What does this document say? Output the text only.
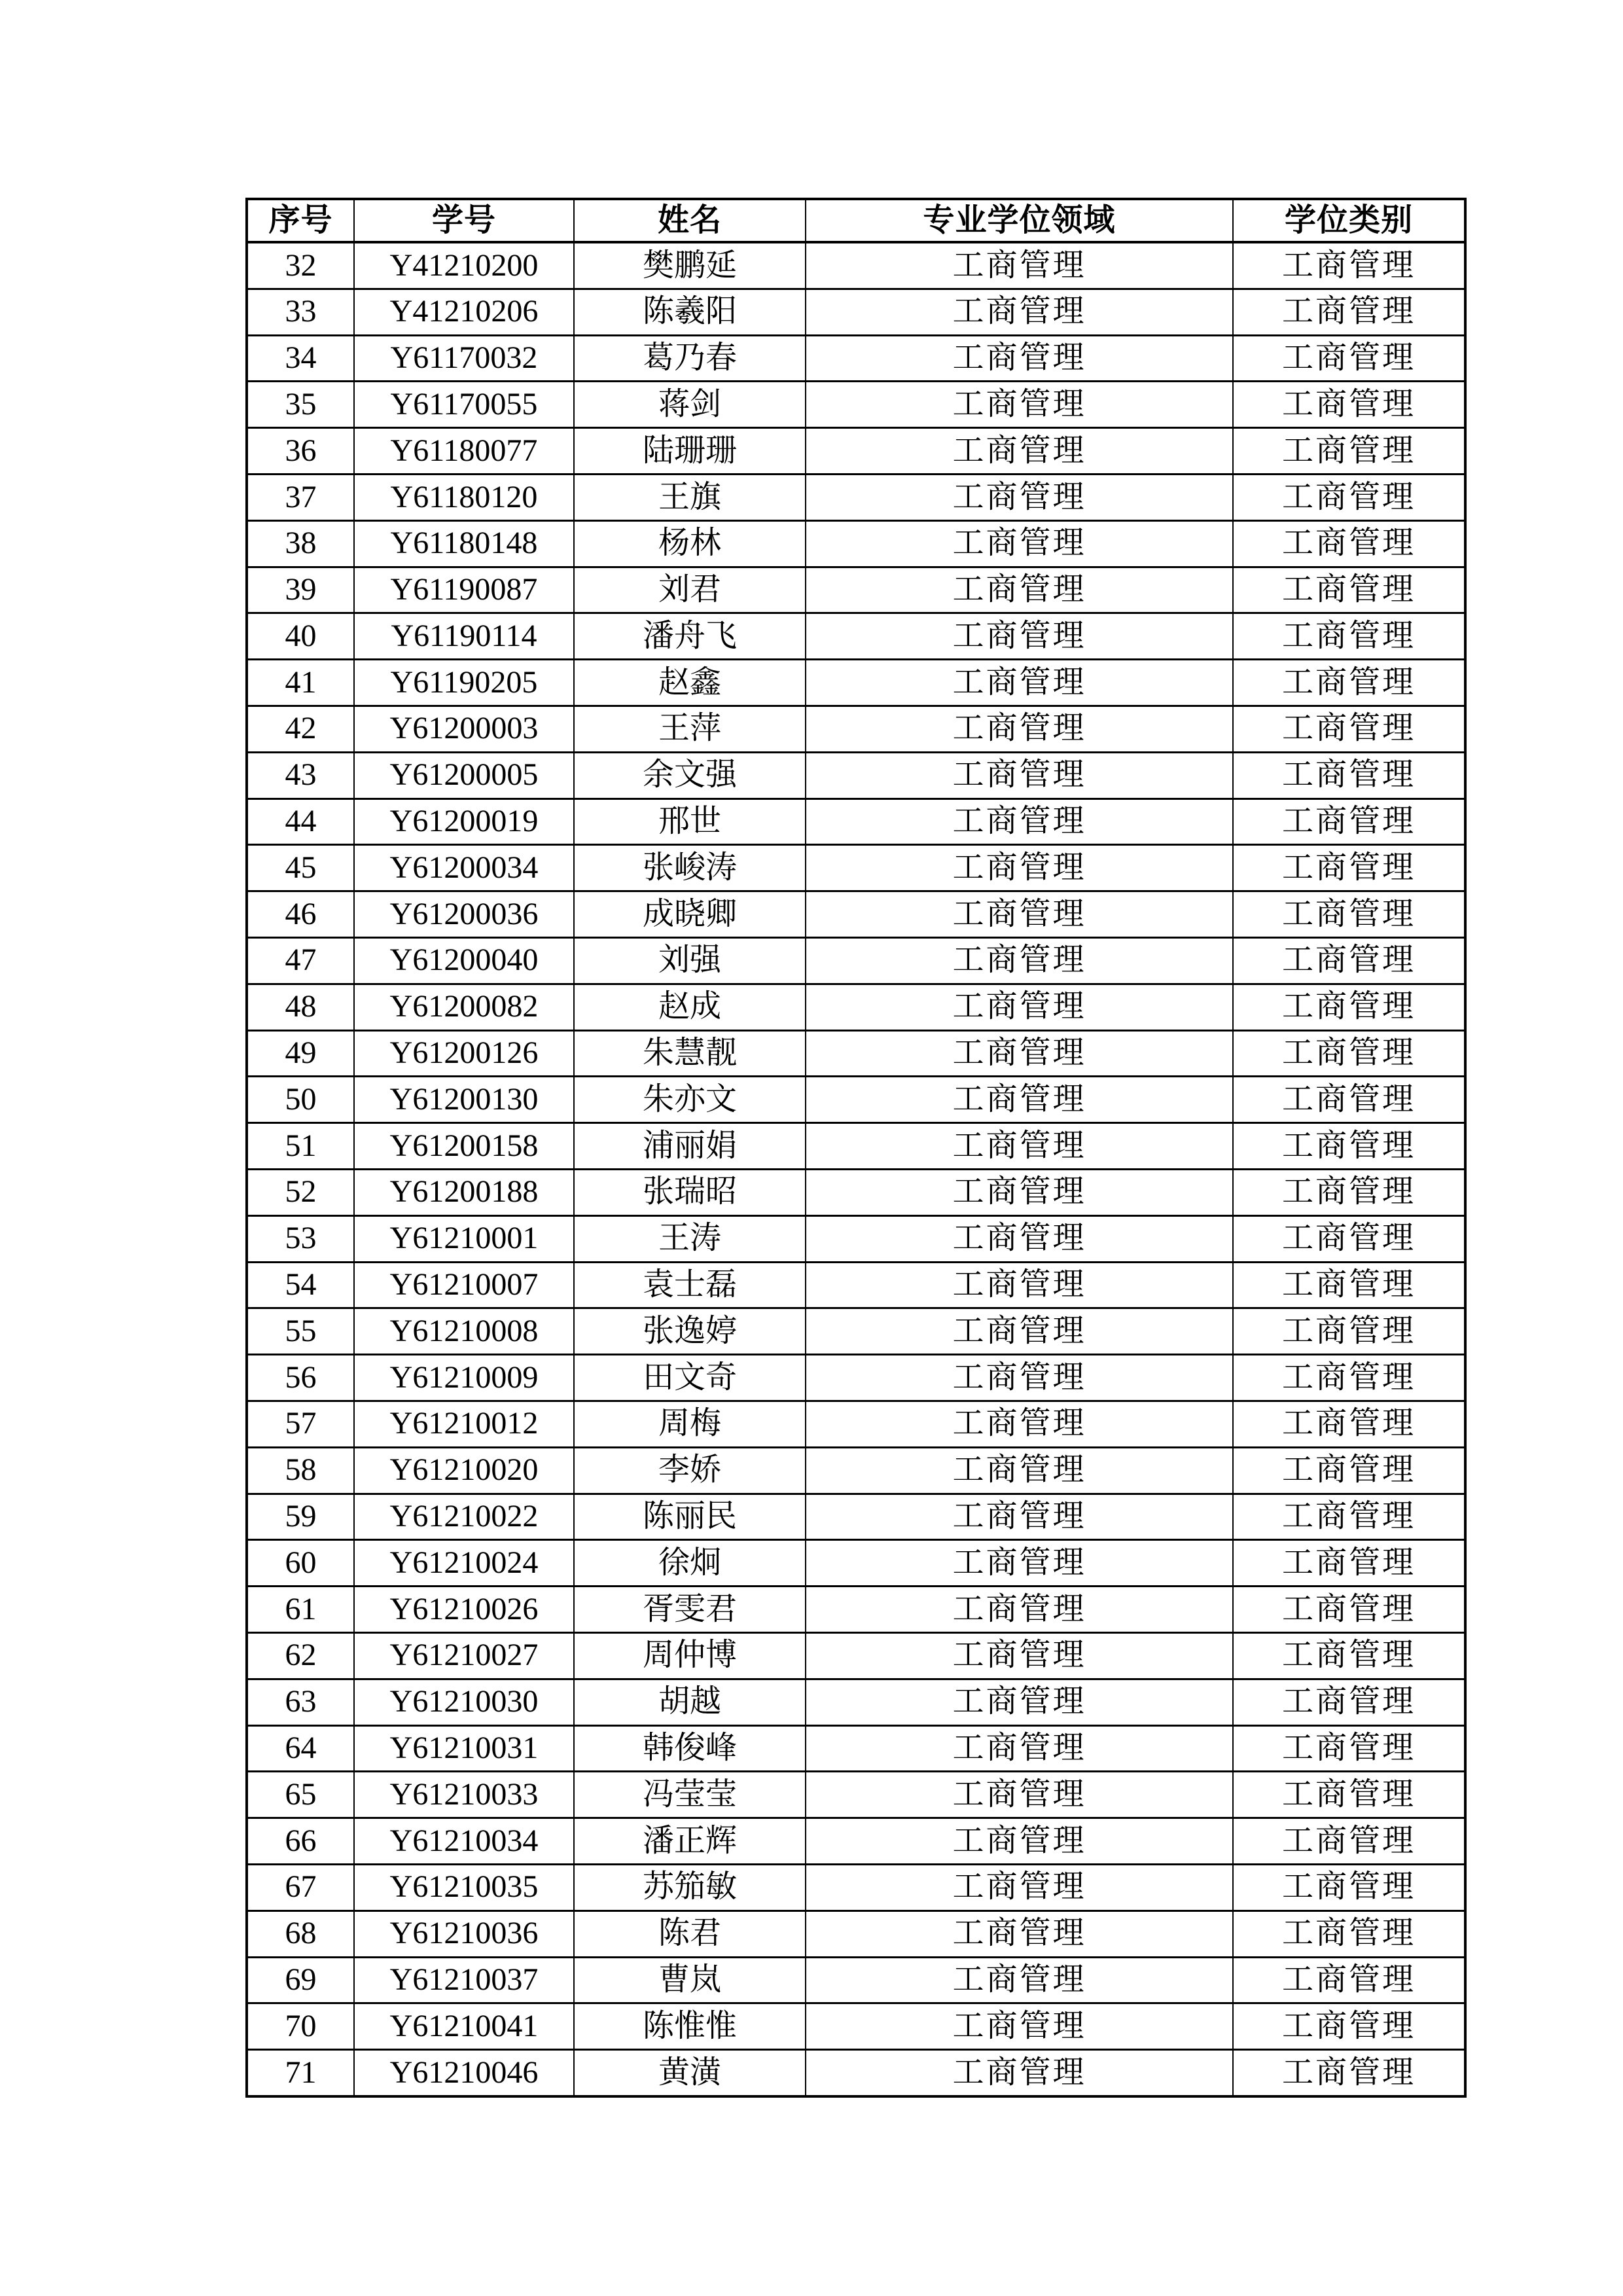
序号	学号	姓名	专业学位领域	学位类别
32	Y41210200	樊鹏延	工商管理	工商管理
33	Y41210206	陈羲阳	工商管理	工商管理
34	Y61170032	葛乃春	工商管理	工商管理
35	Y61170055	蒋剑	工商管理	工商管理
36	Y61180077	陆珊珊	工商管理	工商管理
37	Y61180120	王旗	工商管理	工商管理
38	Y61180148	杨林	工商管理	工商管理
39	Y61190087	刘君	工商管理	工商管理
40	Y61190114	潘舟飞	工商管理	工商管理
41	Y61190205	赵鑫	工商管理	工商管理
42	Y61200003	王萍	工商管理	工商管理
43	Y61200005	余文强	工商管理	工商管理
44	Y61200019	邢世	工商管理	工商管理
45	Y61200034	张峻涛	工商管理	工商管理
46	Y61200036	成晓卿	工商管理	工商管理
47	Y61200040	刘强	工商管理	工商管理
48	Y61200082	赵成	工商管理	工商管理
49	Y61200126	朱慧靓	工商管理	工商管理
50	Y61200130	朱亦文	工商管理	工商管理
51	Y61200158	浦丽娟	工商管理	工商管理
52	Y61200188	张瑞昭	工商管理	工商管理
53	Y61210001	王涛	工商管理	工商管理
54	Y61210007	袁士磊	工商管理	工商管理
55	Y61210008	张逸婷	工商管理	工商管理
56	Y61210009	田文奇	工商管理	工商管理
57	Y61210012	周梅	工商管理	工商管理
58	Y61210020	李娇	工商管理	工商管理
59	Y61210022	陈丽民	工商管理	工商管理
60	Y61210024	徐炯	工商管理	工商管理
61	Y61210026	胥雯君	工商管理	工商管理
62	Y61210027	周仲博	工商管理	工商管理
63	Y61210030	胡越	工商管理	工商管理
64	Y61210031	韩俊峰	工商管理	工商管理
65	Y61210033	冯莹莹	工商管理	工商管理
66	Y61210034	潘正辉	工商管理	工商管理
67	Y61210035	苏笳敏	工商管理	工商管理
68	Y61210036	陈君	工商管理	工商管理
69	Y61210037	曹岚	工商管理	工商管理
70	Y61210041	陈惟惟	工商管理	工商管理
71	Y61210046	黄潢	工商管理	工商管理
